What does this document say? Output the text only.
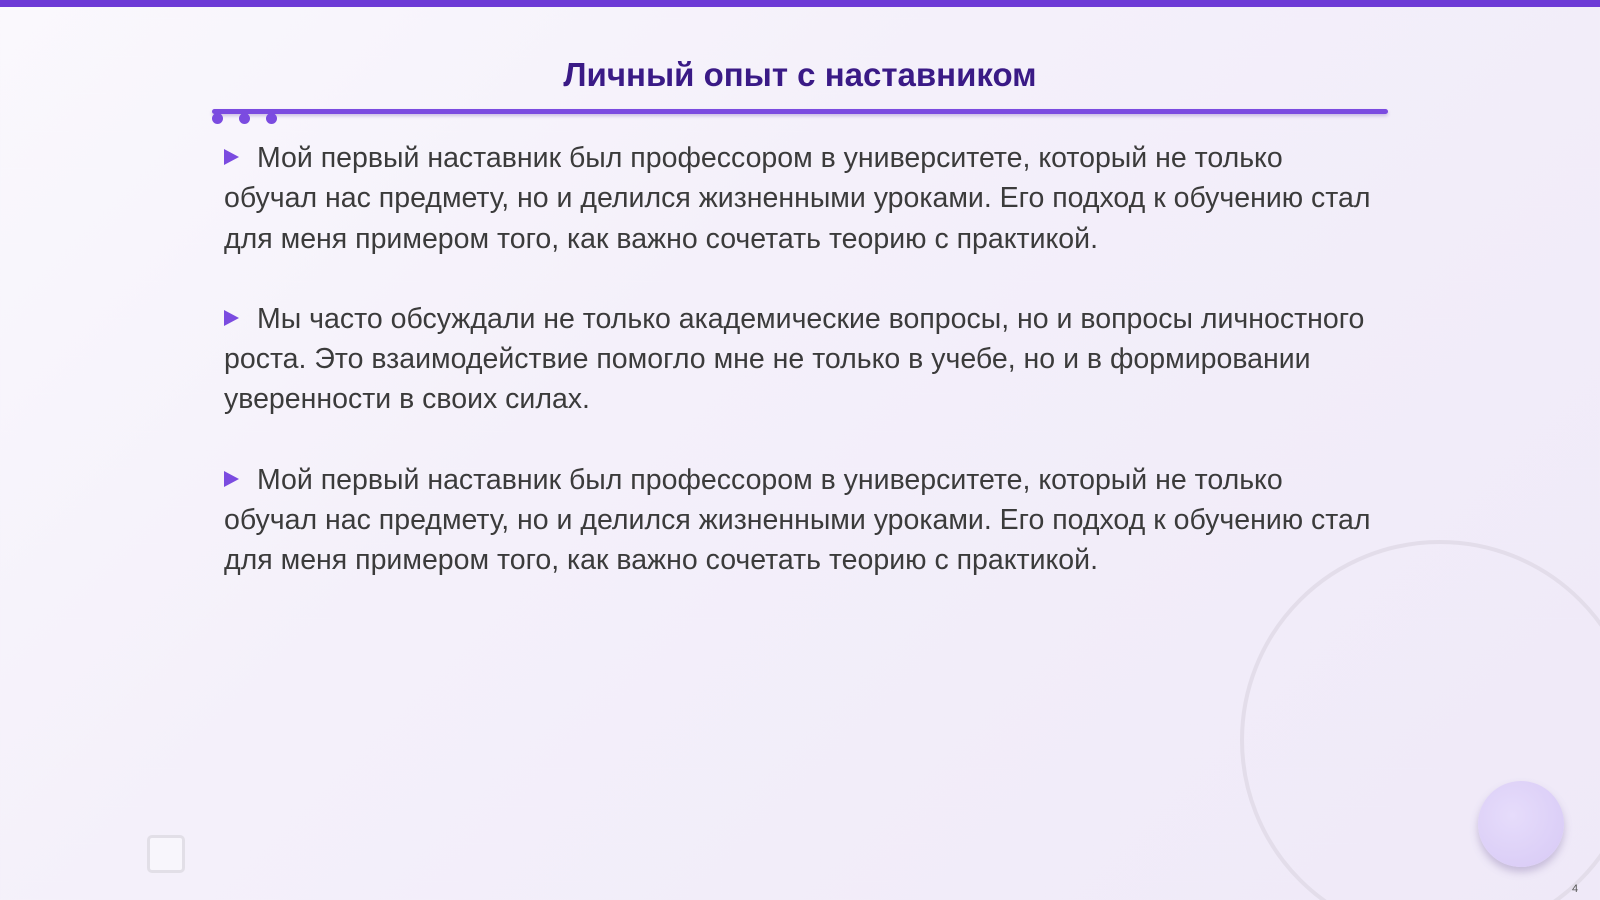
Личный опыт с наставником
Мой первый наставник был профессором в университете, который не только обучал нас предмету, но и делился жизненными уроками. Его подход к обучению стал для меня примером того, как важно сочетать теорию с практикой.
Мы часто обсуждали не только академические вопросы, но и вопросы личностного роста. Это взаимодействие помогло мне не только в учебе, но и в формировании уверенности в своих силах.
Мой первый наставник был профессором в университете, который не только обучал нас предмету, но и делился жизненными уроками. Его подход к обучению стал для меня примером того, как важно сочетать теорию с практикой.
4
